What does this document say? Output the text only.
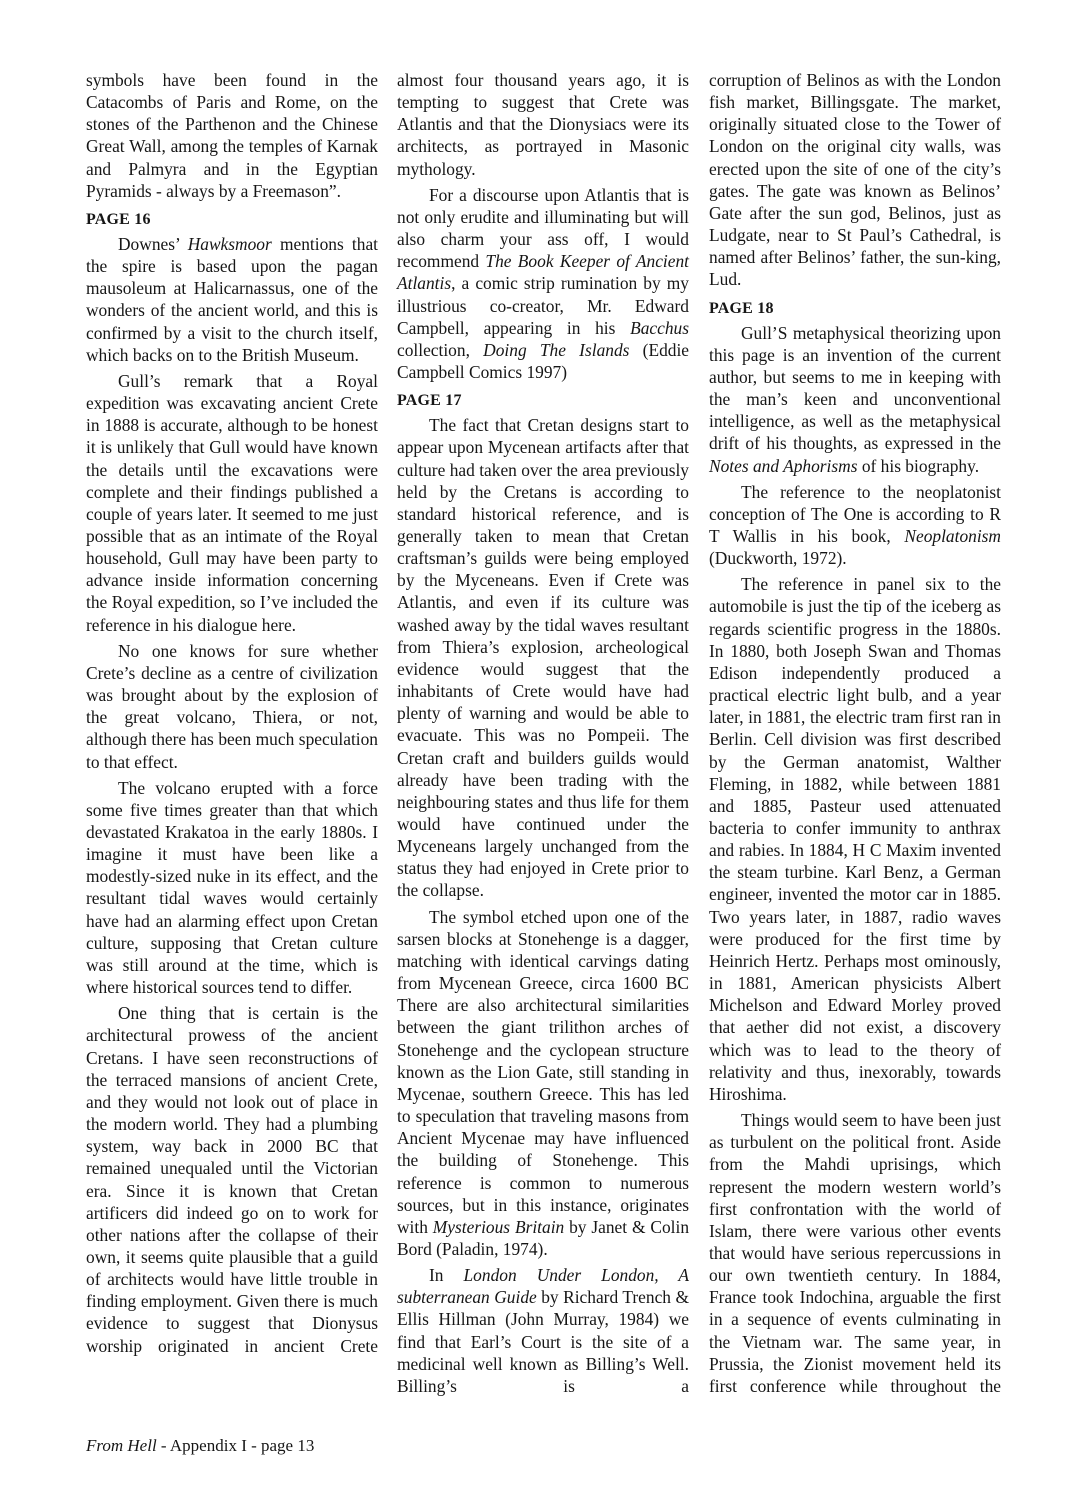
symbols have been found in the Catacombs of Paris and Rome, on the stones of the Parthenon and the Chinese Great Wall, among the temples of Karnak and Palmyra and in the Egyptian Pyramids - always by a Freemason”.

PAGE 16

Downes’ Hawksmoor mentions that the spire is based upon the pagan mausoleum at Halicarnassus, one of the wonders of the ancient world, and this is confirmed by a visit to the church itself, which backs on to the British Museum.

Gull’s remark that a Royal expedition was excavating ancient Crete in 1888 is accurate, although to be honest it is unlikely that Gull would have known the details until the excavations were complete and their findings published a couple of years later. It seemed to me just possible that as an intimate of the Royal household, Gull may have been party to advance inside information concerning the Royal expedition, so I’ve included the reference in his dialogue here.

No one knows for sure whether Crete’s decline as a centre of civilization was brought about by the explosion of the great volcano, Thiera, or not, although there has been much speculation to that effect.

The volcano erupted with a force some five times greater than that which devastated Krakatoa in the early 1880s. I imagine it must have been like a modestly-sized nuke in its effect, and the resultant tidal waves would certainly have had an alarming effect upon Cretan culture, supposing that Cretan culture was still around at the time, which is where historical sources tend to differ.

One thing that is certain is the architectural prowess of the ancient Cretans. I have seen reconstructions of the terraced mansions of ancient Crete, and they would not look out of place in the modern world. They had a plumbing system, way back in 2000 BC that remained unequaled until the Victorian era. Since it is known that Cretan artificers did indeed go on to work for other nations after the collapse of their own, it seems quite plausible that a guild of architects would have little trouble in finding employment. Given there is much evidence to suggest that Dionysus worship originated in ancient Crete

almost four thousand years ago, it is tempting to suggest that Crete was Atlantis and that the Dionysiacs were its architects, as portrayed in Masonic mythology.

For a discourse upon Atlantis that is not only erudite and illuminating but will also charm your ass off, I would recommend The Book Keeper of Ancient Atlantis, a comic strip rumination by my illustrious co-creator, Mr. Edward Campbell, appearing in his Bacchus collection, Doing The Islands (Eddie Campbell Comics 1997)

PAGE 17

The fact that Cretan designs start to appear upon Mycenean artifacts after that culture had taken over the area previously held by the Cretans is according to standard historical reference, and is generally taken to mean that Cretan craftsman’s guilds were being employed by the Myceneans. Even if Crete was Atlantis, and even if its culture was washed away by the tidal waves resultant from Thiera’s explosion, archeological evidence would suggest that the inhabitants of Crete would have had plenty of warning and would be able to evacuate. This was no Pompeii. The Cretan craft and builders guilds would already have been trading with the neighbouring states and thus life for them would have continued under the Myceneans largely unchanged from the status they had enjoyed in Crete prior to the collapse.

The symbol etched upon one of the sarsen blocks at Stonehenge is a dagger, matching with identical carvings dating from Mycenean Greece, circa 1600 BC There are also architectural similarities between the giant trilithon arches of Stonehenge and the cyclopean structure known as the Lion Gate, still standing in Mycenae, southern Greece. This has led to speculation that traveling masons from Ancient Mycenae may have influenced the building of Stonehenge. This reference is common to numerous sources, but in this instance, originates with Mysterious Britain by Janet & Colin Bord (Paladin, 1974).

In London Under London, A subterranean Guide by Richard Trench & Ellis Hillman (John Murray, 1984) we find that Earl’s Court is the site of a medicinal well known as Billing’s Well. Billing’s is a

corruption of Belinos as with the London fish market, Billingsgate. The market, originally situated close to the Tower of London on the original city walls, was erected upon the site of one of the city’s gates. The gate was known as Belinos’ Gate after the sun god, Belinos, just as Ludgate, near to St Paul’s Cathedral, is named after Belinos’ father, the sun-king, Lud.

PAGE 18

Gull’S metaphysical theorizing upon this page is an invention of the current author, but seems to me in keeping with the man’s keen and unconventional intelligence, as well as the metaphysical drift of his thoughts, as expressed in the Notes and Aphorisms of his biography.

The reference to the neoplatonist conception of The One is according to R T Wallis in his book, Neoplatonism (Duckworth, 1972).

The reference in panel six to the automobile is just the tip of the iceberg as regards scientific progress in the 1880s. In 1880, both Joseph Swan and Thomas Edison independently produced a practical electric light bulb, and a year later, in 1881, the electric tram first ran in Berlin. Cell division was first described by the German anatomist, Walther Fleming, in 1882, while between 1881 and 1885, Pasteur used attenuated bacteria to confer immunity to anthrax and rabies. In 1884, H C Maxim invented the steam turbine. Karl Benz, a German engineer, invented the motor car in 1885. Two years later, in 1887, radio waves were produced for the first time by Heinrich Hertz. Perhaps most ominously, in 1881, American physicists Albert Michelson and Edward Morley proved that aether did not exist, a discovery which was to lead to the theory of relativity and thus, inexorably, towards Hiroshima.

Things would seem to have been just as turbulent on the political front. Aside from the Mahdi uprisings, which represent the modern western world’s first confrontation with the world of Islam, there were various other events that would have serious repercussions in our own twentieth century. In 1884, France took Indochina, arguable the first in a sequence of events culminating in the Vietnam war. The same year, in Prussia, the Zionist movement held its first conference while throughout the

From Hell - Appendix I - page 13
